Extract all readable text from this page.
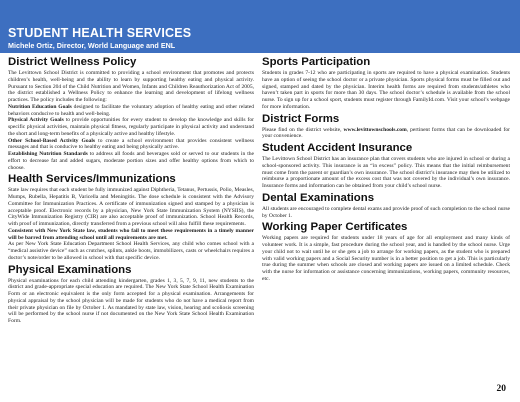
STUDENT HEALTH SERVICES
Michele Ortiz, Director, World Language and ENL
District Wellness Policy

The Levittown School District is committed to providing a school environment that promotes and protects children’s health, well-being and the ability to learn by supporting healthy eating and physical activity. Pursuant to Section 204 of the Child Nutrition and Women, Infants and Children Reauthorization Act of 2005, the district established a Wellness Policy to enhance the learning and development of lifelong wellness practices. The policy includes the following:

Nutrition Education Goals designed to facilitate the voluntary adoption of healthy eating and other related behaviors conducive to health and well-being.

Physical Activity Goals to provide opportunities for every student to develop the knowledge and skills for specific physical activities, maintain physical fitness, regularly participate in physical activity and understand the short and long-term benefits of a physically active and healthy lifestyle.

Other School-Based Activity Goals to create a school environment that provides consistent wellness messages and that is conducive to healthy eating and being physically active.

Establishing Nutrition Standards to address all foods and beverages sold or served to our students in the effort to decrease fat and added sugars, moderate portion sizes and offer healthy options from which to choose.

Health Services/Immunizations

State law requires that each student be fully immunized against Diphtheria, Tetanus, Pertussis, Polio, Measles, Mumps, Rubella, Hepatitis B, Varicella and Meningitis. The dose schedule is consistent with the Advisory Committee for Immunization Practices. A certificate of immunization signed and stamped by a physician is acceptable proof. Electronic records by a physician, New York State Immunization System (NYSIIS), the CityWide Immunization Registry (CIR) are also acceptable proof of immunization. School Health Records, with proof of immunization, directly transferred from a previous school will also fulfill these requirements.

Consistent with New York State law, students who fail to meet these requirements in a timely manner will be barred from attending school until all requirements are met.

As per New York State Education Department School Health Services, any child who comes school with a “medical assistive device” such as crutches, splints, ankle boots, immobilizers, casts or wheelchairs requires a doctor’s note/order to be allowed in school with that specific device.

Physical Examinations

Physical examinations for each child attending kindergarten, grades 1, 3, 5, 7, 9, 11, new students to the district and grade-appropriate special education are required. The New York State School Health Examination Form or an electronic equivalent is the only form accepted for a physical examination. Arrangements for physical appraisal by the school physician will be made for students who do not have a medical report from their private physician on file by October 1. As mandated by state law, vision, hearing and scoliosis screening will be performed by the school nurse if not documented on the New York State School Health Examination Form.

Sports Participation

Students in grades 7-12 who are participating in sports are required to have a physical examination. Students have an option of seeing the school doctor or a private physician. Sports physical forms must be filled out and signed, stamped and dated by the physician. Interim health forms are required from students/athletes who haven’t taken part in sports for more than 30 days. The school doctor’s schedule is available from the school nurse. To sign up for a school sport, students must register through FamilyId.com. Visit your school’s webpage for more information.

District Forms

Please find on the district website, www.levittownschools.com, pertinent forms that can be downloaded for your convenience.

Student Accident Insurance

The Levittown School District has an insurance plan that covers students who are injured in school or during a school-sponsored activity. This insurance is an “in excess” policy. This means that the initial reimbursement must come from the parent or guardian’s own insurance. The school district’s insurance may then be utilized to reimburse a proportionate amount of the excess cost that was not covered by the individual’s own insurance. Insurance forms and information can be obtained from your child’s school nurse.

Dental Examinations

All students are encouraged to complete dental exams and provide proof of such completion to the school nurse by October 1.

Working Paper Certificates

Working papers are required for students under 18 years of age for all employment and many kinds of volunteer work. It is a simple, fast procedure during the school year, and is handled by the school nurse. Urge your child not to wait until he or she gets a job to arrange for working papers, as the student who is prepared with valid working papers and a Social Security number is in a better position to get a job. This is particularly true during the summer when schools are closed and working papers are issued on a limited schedule. Check with the nurse for information or assistance concerning immunizations, working papers, community resources, etc.

20
